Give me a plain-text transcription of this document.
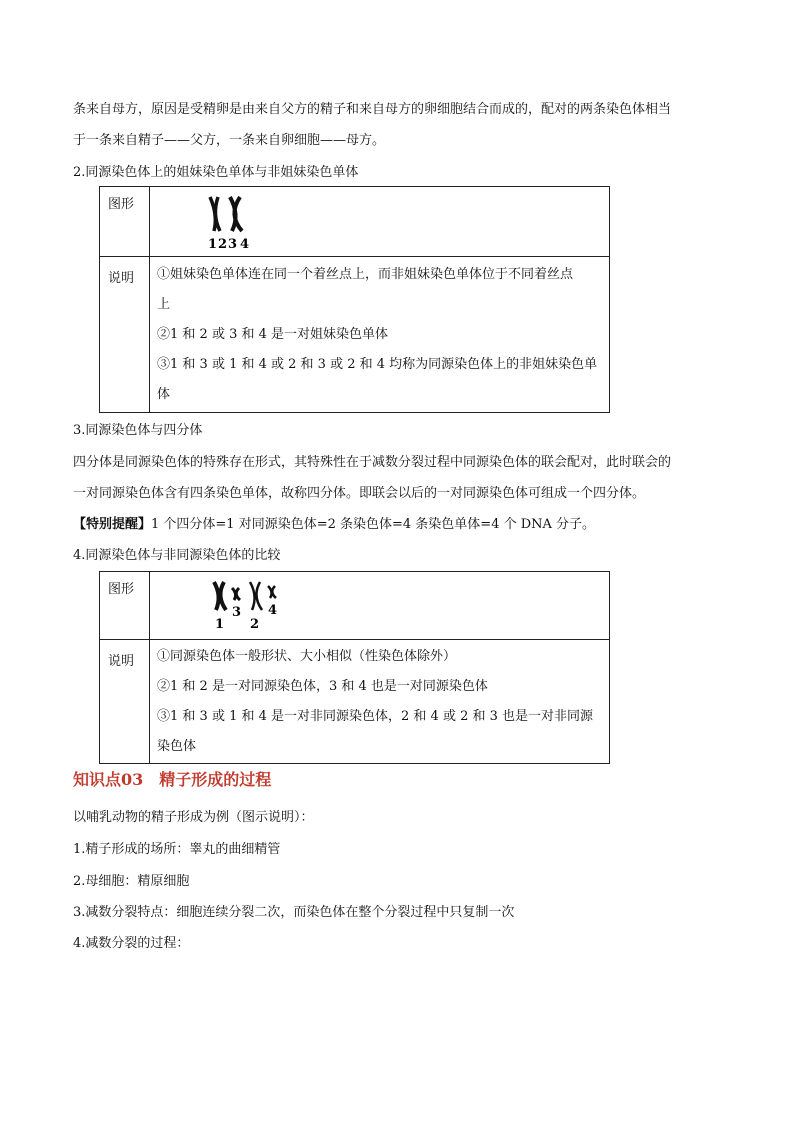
条来自母方，原因是受精卵是由来自父方的精子和来自母方的卵细胞结合而成的，配对的两条染色体相当
于一条来自精子——父方，一条来自卵细胞——母方。
2.同源染色体上的姐妹染色单体与非姐妹染色单体
图形	1 2 3 4

说明	①姐妹染色单体连在同一个着丝点上，而非姐妹染色单体位于不同着丝点
上
②1 和 2 或 3 和 4 是一对姐妹染色单体
③1 和 3 或 1 和 4 或 2 和 3 或 2 和 4 均称为同源染色体上的非姐妹染色单
体
3.同源染色体与四分体
四分体是同源染色体的特殊存在形式，其特殊性在于减数分裂过程中同源染色体的联会配对，此时联会的
一对同源染色体含有四条染色单体，故称四分体。即联会以后的一对同源染色体可组成一个四分体。
【特别提醒】1 个四分体=1 对同源染色体=2 条染色体=4 条染色单体=4 个 DNA 分子。
4.同源染色体与非同源染色体的比较
图形	1
3
2
4

说明	①同源染色体一般形状、大小相似（性染色体除外）
②1 和 2 是一对同源染色体，3 和 4 也是一对同源染色体
③1 和 3 或 1 和 4 是一对非同源染色体，2 和 4 或 2 和 3 也是一对非同源
染色体
知识点03 精子形成的过程
以哺乳动物的精子形成为例（图示说明）：
1.精子形成的场所：睾丸的曲细精管
2.母细胞：精原细胞
3.减数分裂特点：细胞连续分裂二次，而染色体在整个分裂过程中只复制一次
4.减数分裂的过程：
